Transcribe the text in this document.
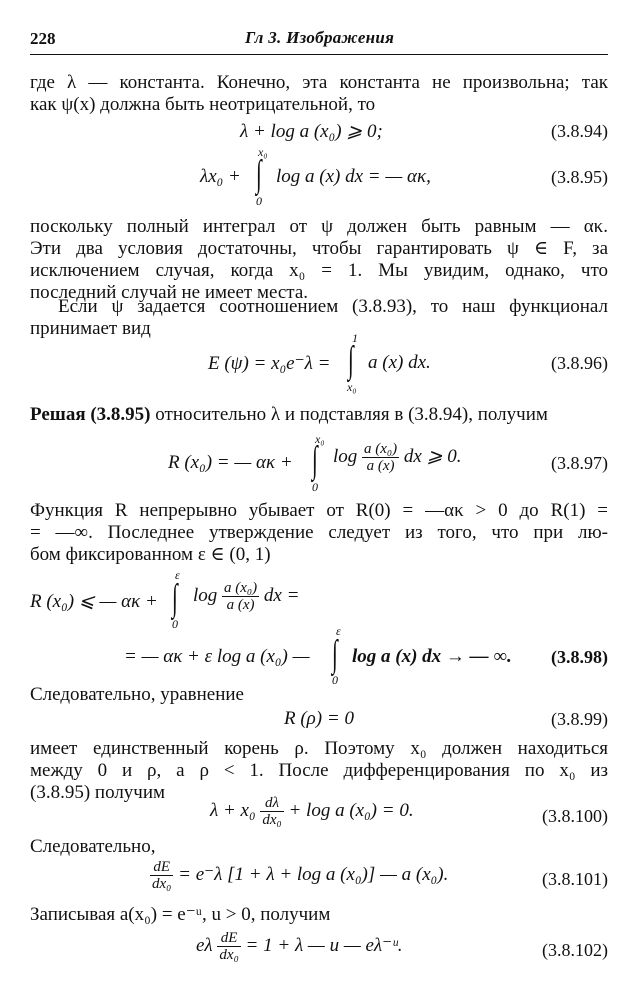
228	Гл 3. Изображения
где λ — константа. Конечно, эта константа не произвольна; так
как ψ(x) должна быть неотрицательной, то
λ + log a (x₀) ⩾ 0;	(3.8.94)
λx₀ +
x₀
∫
0
log a (x) dx = — ακ,	(3.8.95)
поскольку полный интеграл от ψ должен быть равным — ακ.
Эти два условия достаточны, чтобы гарантировать ψ ∈ F, за
исключением случая, когда x₀ = 1. Мы увидим, однако, что
последний случай не имеет места.
Если ψ задается соотношением (3.8.93), то наш функционал
принимает вид
E (ψ) = x₀e⁻λ =
1
∫
x₀
a (x) dx.	(3.8.96)
Решая (3.8.95) относительно λ и подставляя в (3.8.94), получим
R (x₀) = — ακ +
x₀
∫
0
$\log \frac{\text{a (x₀)}}{a (x)}$ dx ⩾ 0.	(3.8.97)
Функция R непрерывно убывает от R(0) = —ακ > 0 до R(1) =
= —∞. Последнее утверждение следует из того, что при лю-
бом фиксированном ε ∈ (0, 1)
R (x₀) ⩽ — ακ +
ε
∫
0
$\log \frac{\text{a (x₀)}}{a (x)}$ dx =
= — ακ + ε log a (x₀) —
ε
∫
0
log a (x) dx → — ∞. (3.8.98)
Следовательно, уравнение
R (ρ) = 0	(3.8.99)
имеет единственный корень ρ. Поэтому x₀ должен находиться
между 0 и ρ, а ρ < 1. После дифференцирования по x₀ из
(3.8.95) получим
$\lambda + x_0 \frac{d\lambda}{\text{dx₀}} + \log a$ (x₀) = 0.	(3.8.100)
Следовательно,
$\frac{dE}{\text{dx₀}} = e^-\lambda$ [1 + λ + log a (x₀)] — a (x₀).	(3.8.101)
Записывая a(x₀) = e⁻ᵘ, u > 0, получим
eλ $\frac{dE}{\text{dx₀}} = 1 + \lambda$ — u — eλ⁻ᵘ.	(3.8.102)
